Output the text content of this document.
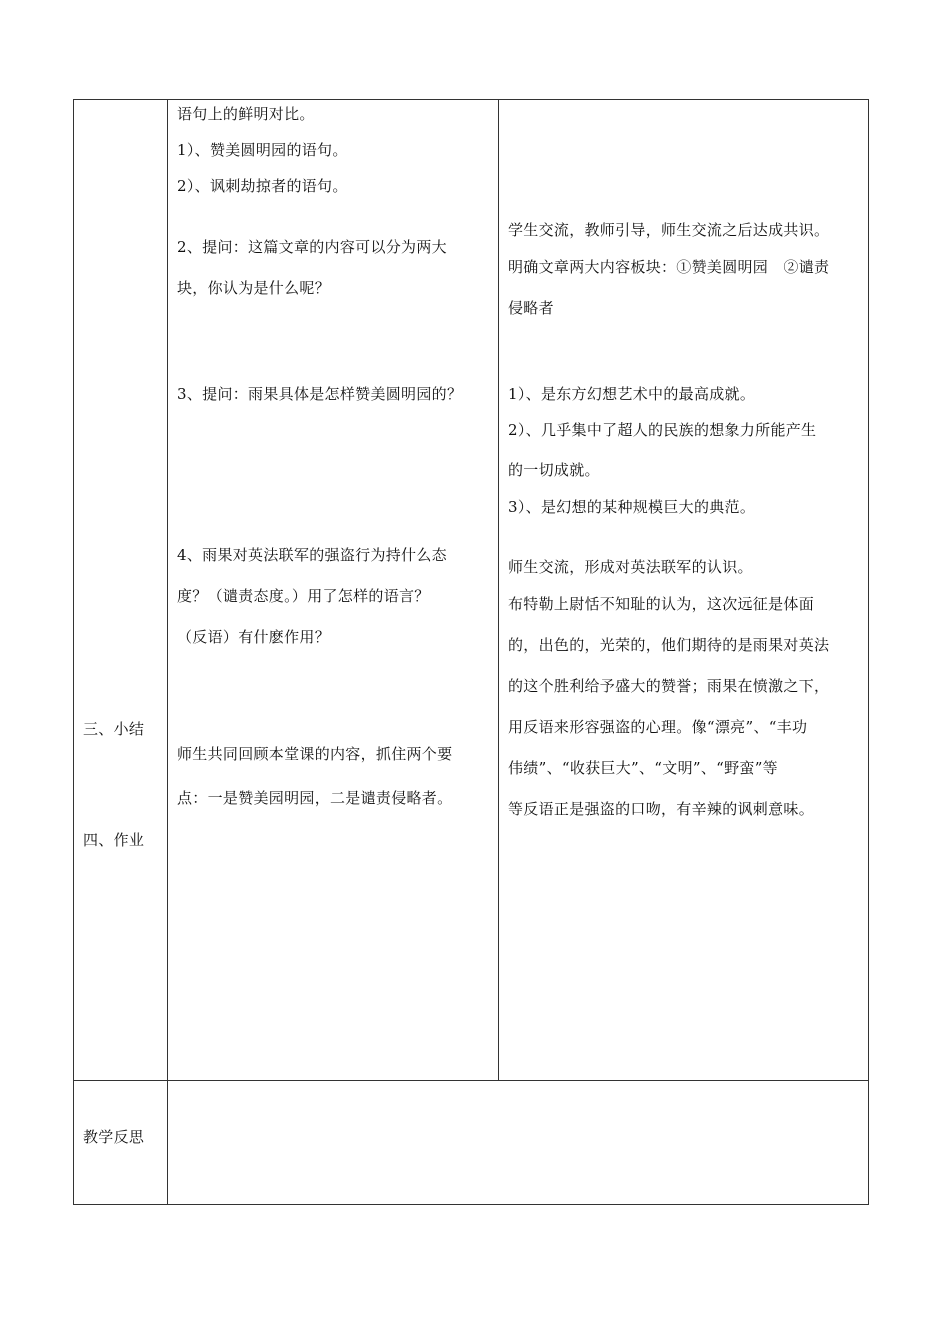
三、小结
四、作业
教学反思
语句上的鲜明对比。
1）、赞美圆明园的语句。
2）、讽刺劫掠者的语句。
2、提问：这篇文章的内容可以分为两大
块，你认为是什么呢？
3、提问：雨果具体是怎样赞美圆明园的？
4、雨果对英法联军的强盗行为持什么态
度？（谴责态度。）用了怎样的语言？
（反语）有什麽作用？
师生共同回顾本堂课的内容，抓住两个要
点：一是赞美园明园，二是谴责侵略者。
学生交流，教师引导，师生交流之后达成共识。
明确文章两大内容板块：①赞美圆明园　②谴责
侵略者
1）、是东方幻想艺术中的最高成就。
2）、几乎集中了超人的民族的想象力所能产生
的一切成就。
3）、是幻想的某种规模巨大的典范。
师生交流，形成对英法联军的认识。
布特勒上尉恬不知耻的认为，这次远征是体面
的，出色的，光荣的，他们期待的是雨果对英法
的这个胜利给予盛大的赞誉；雨果在愤激之下，
用反语来形容强盗的心理。像“漂亮”、“丰功
伟绩”、“收获巨大”、“文明”、“野蛮”等
等反语正是强盗的口吻，有辛辣的讽刺意味。
